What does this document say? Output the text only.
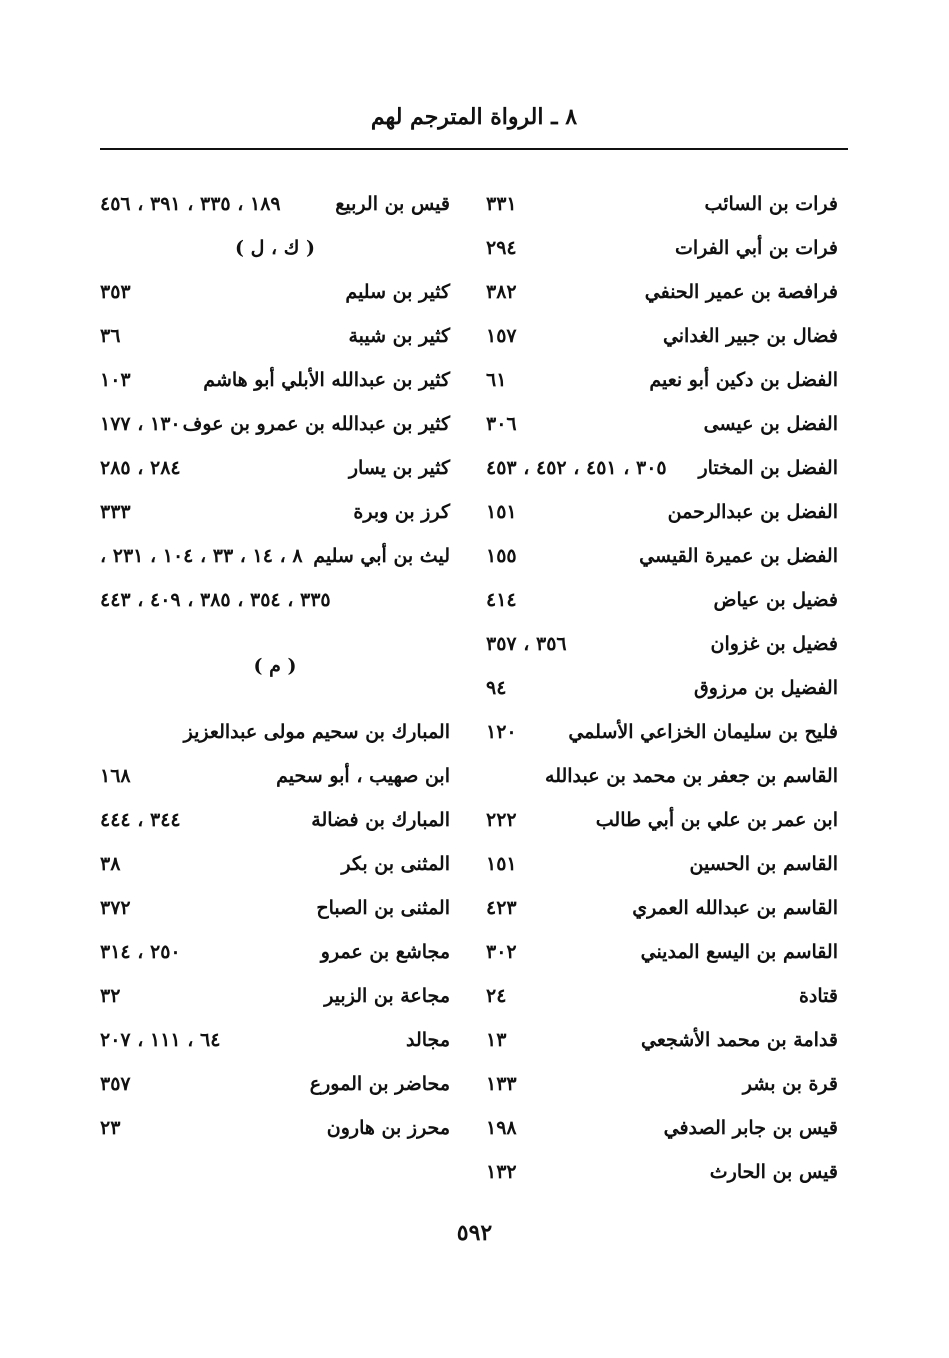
٨ ـ الرواة المترجم لهم
فرات بن السائب
٣٣١
فرات بن أبي الفرات
٢٩٤
فرافصة بن عمير الحنفي
٣٨٢
فضال بن جبير الغداني
١٥٧
الفضل بن دكين أبو نعيم
٦١
الفضل بن عيسى
٣٠٦
الفضل بن المختار
٣٠٥ ، ٤٥١ ، ٤٥٢ ، ٤٥٣
الفضل بن عبدالرحمن
١٥١
الفضل بن عميرة القيسي
١٥٥
فضيل بن عياض
٤١٤
فضيل بن غزوان
٣٥٦ ، ٣٥٧
الفضيل بن مرزوق
٩٤
فليح بن سليمان الخزاعي الأسلمي
١٢٠
القاسم بن جعفر بن محمد بن عبدالله
ابن عمر بن علي بن أبي طالب
٢٢٢
القاسم بن الحسين
١٥١
القاسم بن عبدالله العمري
٤٢٣
القاسم بن اليسع المديني
٣٠٢
قتادة
٢٤
قدامة بن محمد الأشجعي
١٣
قرة بن بشر
١٣٣
قيس بن جابر الصدفي
١٩٨
قيس بن الحارث
١٣٢
قيس بن الربيع
١٨٩ ، ٣٣٥ ، ٣٩١ ، ٤٥٦
( ك ، ل )
كثير بن سليم
٣٥٣
كثير بن شيبة
٣٦
كثير بن عبدالله الأبلي أبو هاشم
١٠٣
كثير بن عبدالله بن عمرو بن عوف
١٣٠ ، ١٧٧
كثير بن يسار
٢٨٤ ، ٢٨٥
كرز بن وبرة
٣٣٣
ليث بن أبي سليم
٨ ، ١٤ ، ٣٣ ، ١٠٤ ، ٢٣١ ،
٣٣٥ ، ٣٥٤ ، ٣٨٥ ، ٤٠٩ ، ٤٤٣
( م )
المبارك بن سحيم مولى عبدالعزيز
ابن صهيب ، أبو سحيم
١٦٨
المبارك بن فضالة
٣٤٤ ، ٤٤٤
المثنى بن بكر
٣٨
المثنى بن الصباح
٣٧٢
مجاشع بن عمرو
٢٥٠ ، ٣١٤
مجاعة بن الزبير
٣٢
مجالد
٦٤ ، ١١١ ، ٢٠٧
محاضر بن المورع
٣٥٧
محرز بن هارون
٢٣
٥٩٢
